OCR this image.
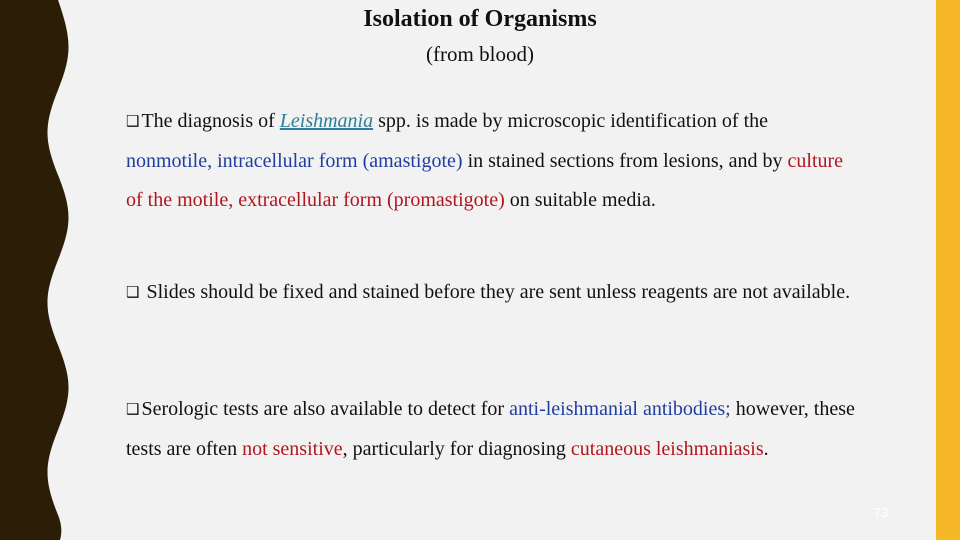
Isolation of Organisms
(from blood)
❑ The diagnosis of Leishmania spp. is made by microscopic identification of the nonmotile, intracellular form (amastigote) in stained sections from lesions, and by culture of the motile, extracellular form (promastigote) on suitable media.
❑ Slides should be fixed and stained before they are sent unless reagents are not available.
❑ Serologic tests are also available to detect for anti-leishmanial antibodies; however, these tests are often not sensitive, particularly for diagnosing cutaneous leishmaniasis.
73
